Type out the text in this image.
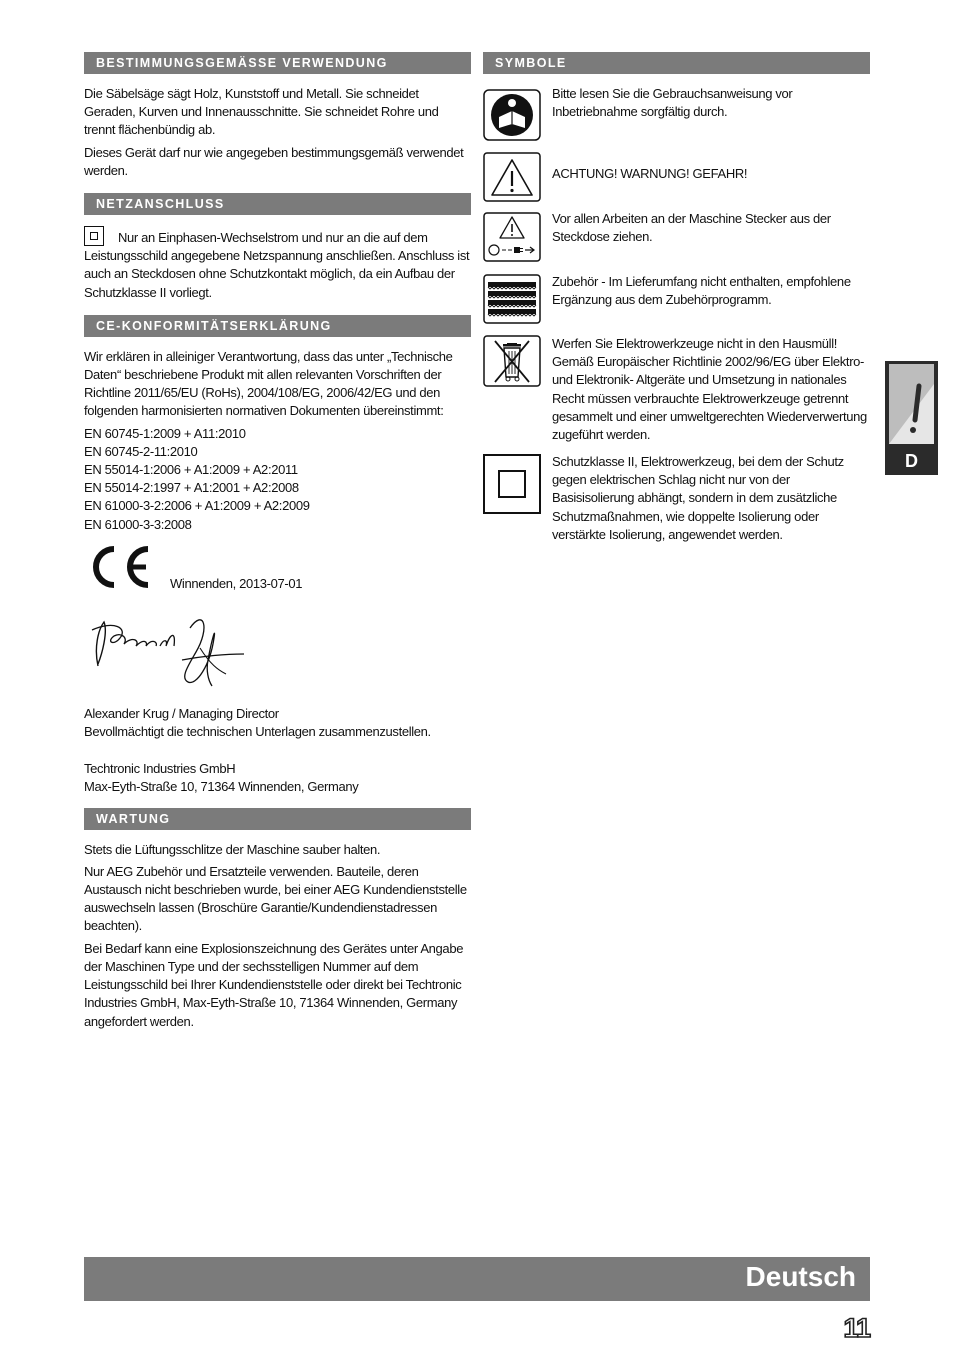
BESTIMMUNGSGEMÄSSE VERWENDUNG

Die Säbelsäge sägt Holz, Kunststoff und Metall. Sie schneidet Geraden, Kurven und Innenausschnitte. Sie schneidet Rohre und trennt flächenbündig ab.

Dieses Gerät darf nur wie angegeben bestimmungsgemäß verwendet werden.

NETZANSCHLUSS

Nur an Einphasen-Wechselstrom und nur an die auf dem Leistungsschild angegebene Netzspannung anschließen. Anschluss ist auch an Steckdosen ohne Schutzkontakt möglich, da ein Aufbau der Schutzklasse II vorliegt.

CE-KONFORMITÄTSERKLÄRUNG

Wir erklären in alleiniger Verantwortung, dass das unter „Technische Daten“ beschriebene Produkt mit allen relevanten Vorschriften der Richtline 2011/65/EU (RoHs), 2004/108/EG, 2006/42/EG und den folgenden harmonisierten normativen Dokumenten übereinstimmt:

EN 60745-1:2009 + A11:2010
EN 60745-2-11:2010
EN 55014-1:2006 + A1:2009 + A2:2011
EN 55014-2:1997 + A1:2001 + A2:2008
EN 61000-3-2:2006 + A1:2009 + A2:2009
EN 61000-3-3:2008
Winnenden, 2013-07-01
Alexander Krug / Managing Director
Bevollmächtigt die technischen Unterlagen zusammenzustellen.
Techtronic Industries GmbH
Max-Eyth-Straße 10, 71364 Winnenden, Germany
WARTUNG

Stets die Lüftungsschlitze der Maschine sauber halten.

Nur AEG Zubehör und Ersatzteile verwenden. Bauteile, deren Austausch nicht beschrieben wurde, bei einer AEG Kundendienststelle auswechseln lassen (Broschüre Garantie/Kundendienstadressen beachten).

Bei Bedarf kann eine Explosionszeichnung des Gerätes unter Angabe der Maschinen Type und der sechsstelligen Nummer auf dem Leistungsschild bei Ihrer Kundendienststelle oder direkt bei Techtronic Industries GmbH, Max-Eyth-Straße 10, 71364 Winnenden, Germany angefordert werden.

SYMBOLE
Bitte lesen Sie die Gebrauchsanweisung vor Inbetriebnahme sorgfältig durch.
ACHTUNG! WARNUNG! GEFAHR!
Vor allen Arbeiten an der Maschine Stecker aus der Steckdose ziehen.
Zubehör - Im Lieferumfang nicht enthalten, empfohlene Ergänzung aus dem Zubehörprogramm.
Werfen Sie Elektrowerkzeuge nicht in den Hausmüll! Gemäß Europäischer Richtlinie 2002/96/EG über Elektro- und Elektronik- Altgeräte und Umsetzung in nationales Recht müssen verbrauchte Elektrowerkzeuge getrennt gesammelt und einer umweltgerechten Wiederverwertung zugeführt werden.
Schutzklasse II, Elektrowerkzeug, bei dem der Schutz gegen elektrischen Schlag nicht nur von der Basisisolierung abhängt, sondern in dem zusätzliche Schutzmaßnahmen, wie doppelte Isolierung oder verstärkte Isolierung, angewendet werden.
D
Deutsch
11
